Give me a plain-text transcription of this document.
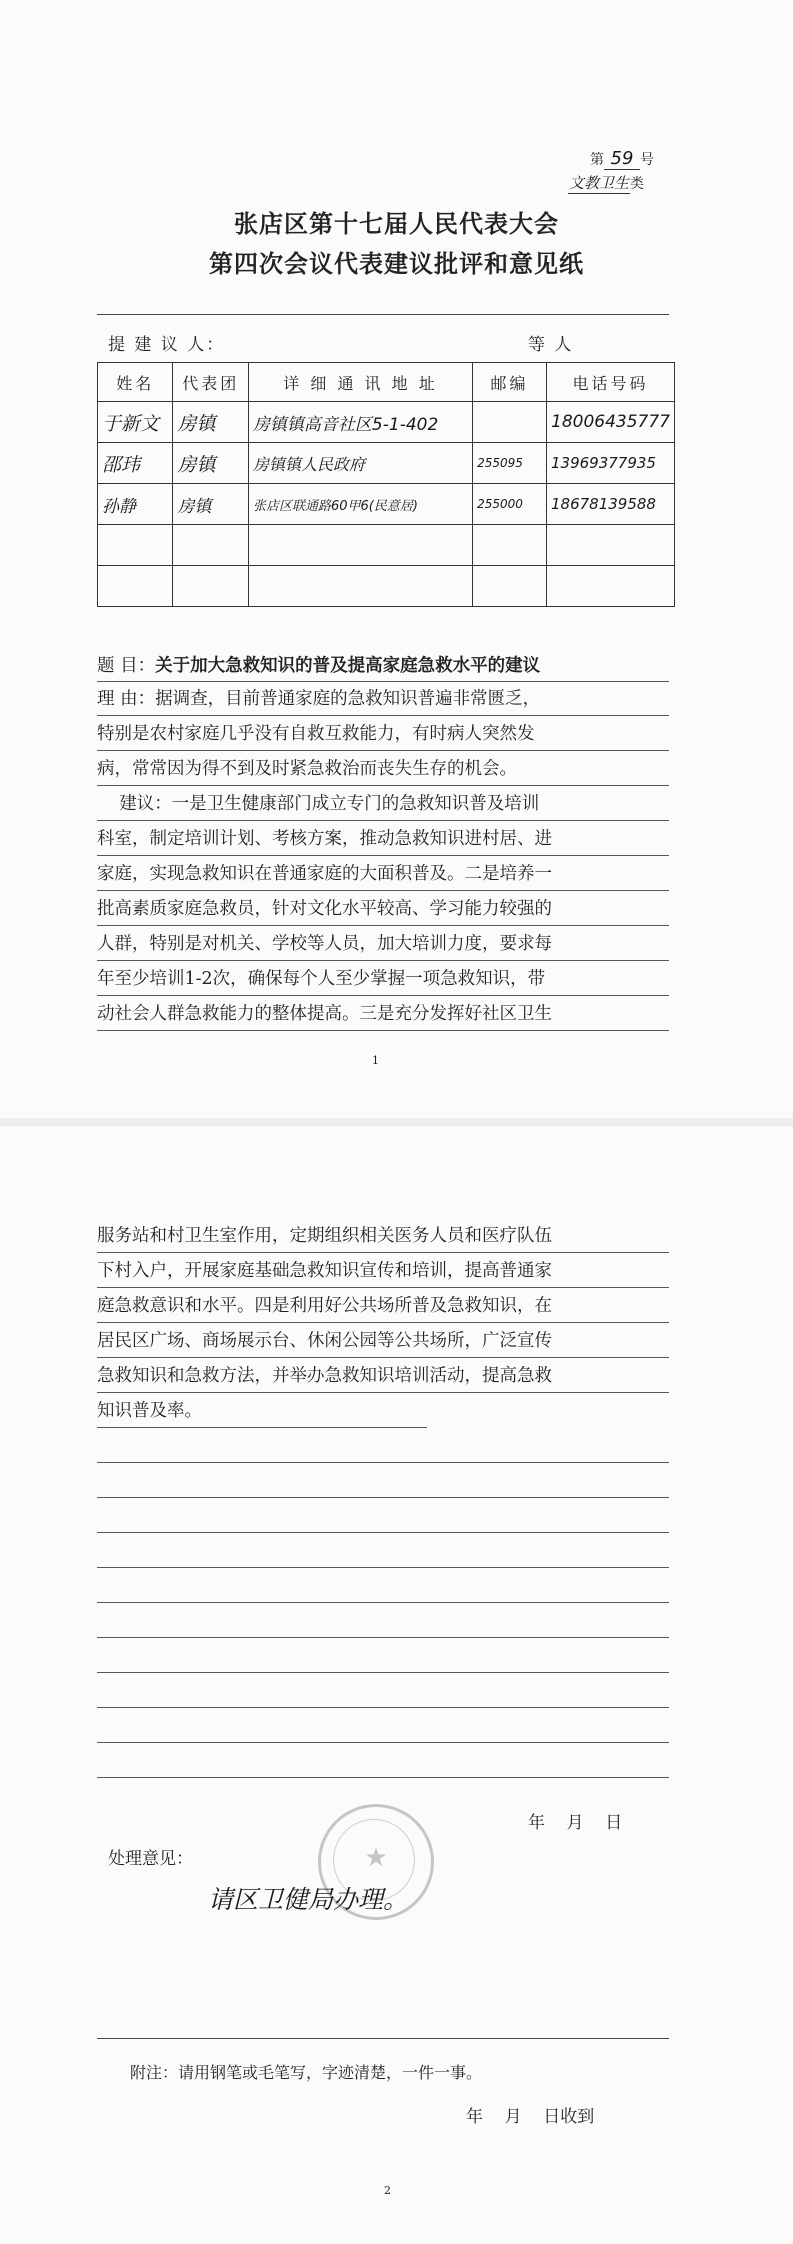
第 59 号
文教卫生类
张店区第十七届人民代表大会
第四次会议代表建议批评和意见纸
提 建 议 人：	等 人
姓名	代表团	详 细 通 讯 地 址	邮编	电话号码
于新文	房镇	房镇镇高音社区5-1-402		18006435777
邵玮	房镇	房镇镇人民政府	255095	13969377935
孙静	房镇	张店区联通路60甲6(民意居)	255000	18678139588

题 目：关于加大急救知识的普及提高家庭急救水平的建议
理 由：据调查，目前普通家庭的急救知识普遍非常匮乏，
特别是农村家庭几乎没有自救互救能力，有时病人突然发
病，常常因为得不到及时紧急救治而丧失生存的机会。
建议：一是卫生健康部门成立专门的急救知识普及培训
科室，制定培训计划、考核方案，推动急救知识进村居、进
家庭，实现急救知识在普通家庭的大面积普及。二是培养一
批高素质家庭急救员，针对文化水平较高、学习能力较强的
人群，特别是对机关、学校等人员，加大培训力度，要求每
年至少培训1-2次，确保每个人至少掌握一项急救知识，带
动社会人群急救能力的整体提高。三是充分发挥好社区卫生
1
服务站和村卫生室作用，定期组织相关医务人员和医疗队伍
下村入户，开展家庭基础急救知识宣传和培训，提高普通家
庭急救意识和水平。四是利用好公共场所普及急救知识，在
居民区广场、商场展示台、休闲公园等公共场所，广泛宣传
急救知识和急救方法，并举办急救知识培训活动，提高急救
知识普及率。
年    月    日
★
处理意见：
请区卫健局办理。
附注：请用钢笔或毛笔写，字迹清楚，一件一事。
年    月    日收到
2
